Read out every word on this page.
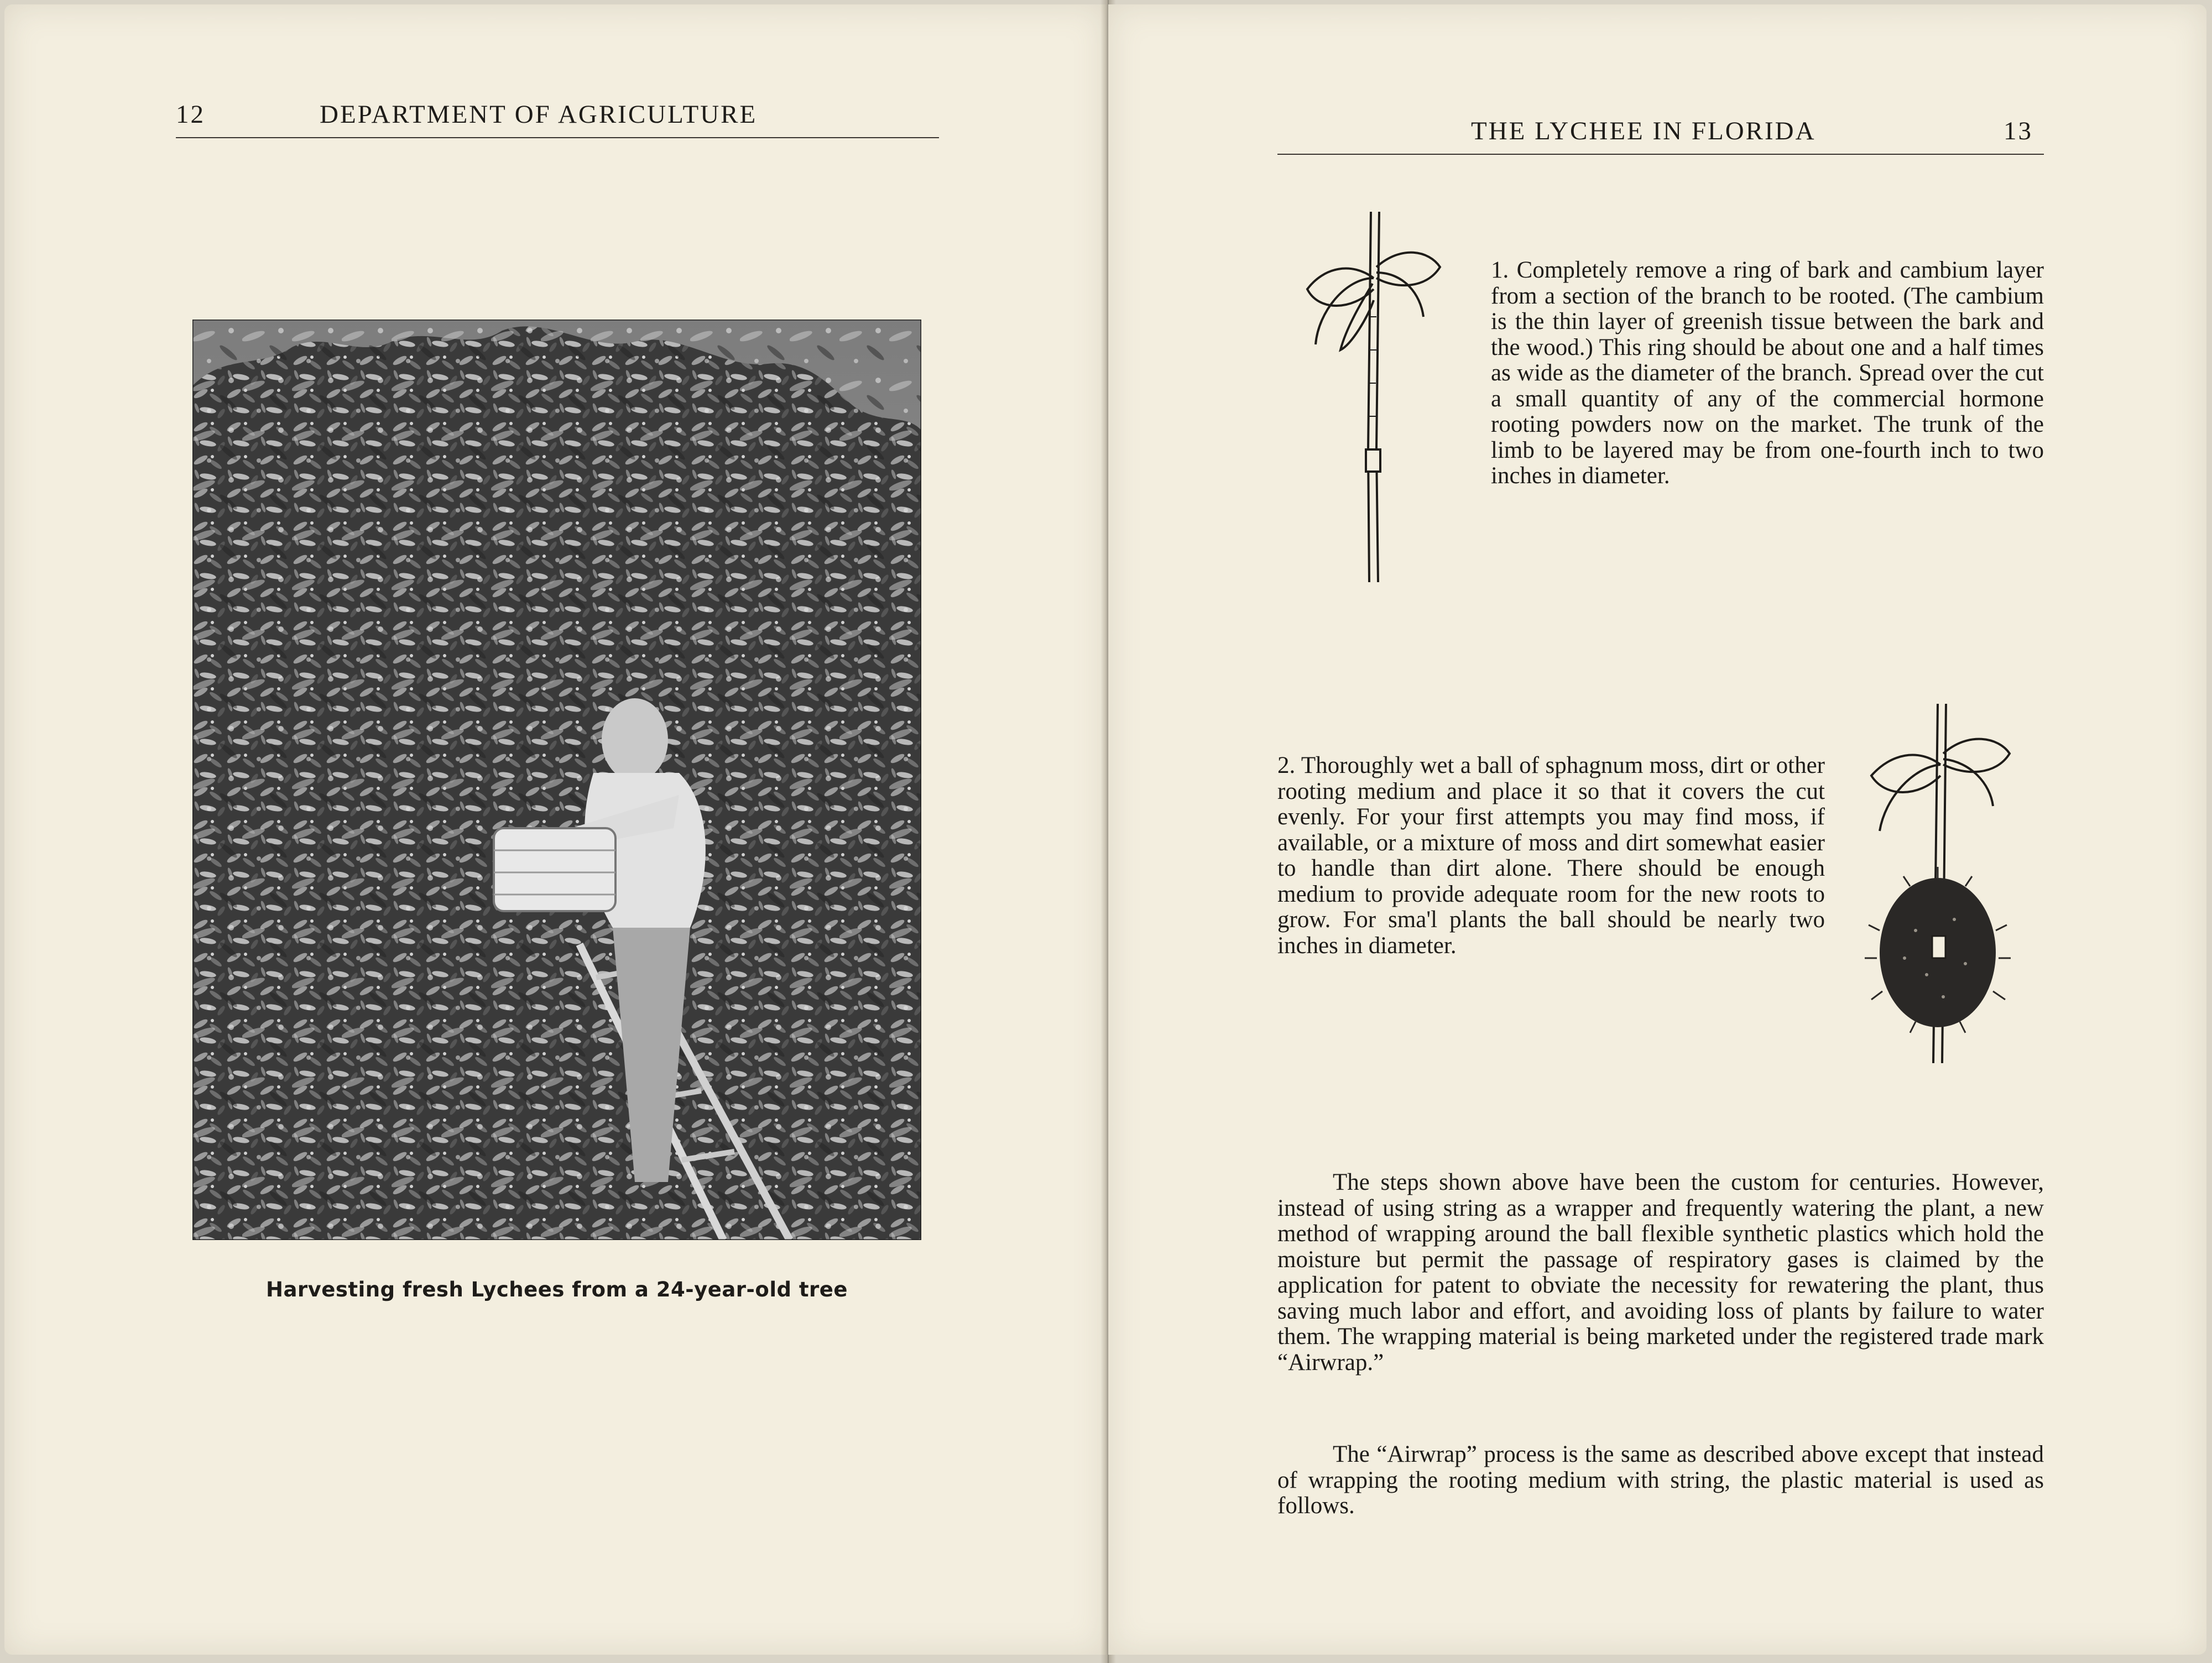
12	DEPARTMENT OF AGRICULTURE
Harvesting fresh Lychees from a 24-year-old tree
THE LYCHEE IN FLORIDA	13

1. Completely remove a ring of bark and cambium layer from a section of the branch to be rooted. (The cambium is the thin layer of greenish tissue between the bark and the wood.) This ring should be about one and a half times as wide as the diameter of the branch. Spread over the cut a small quantity of any of the commercial hormone rooting powders now on the market. The trunk of the limb to be layered may be from one-fourth inch to two inches in diameter.

2. Thoroughly wet a ball of sphagnum moss, dirt or other rooting medium and place it so that it covers the cut evenly. For your first attempts you may find moss, if available, or a mixture of moss and dirt somewhat easier to handle than dirt alone. There should be enough medium to provide adequate room for the new roots to grow. For sma'l plants the ball should be nearly two inches in diameter.

The steps shown above have been the custom for centuries. However, instead of using string as a wrapper and frequently watering the plant, a new method of wrapping around the ball flexible synthetic plastics which hold the moisture but permit the passage of respiratory gases is claimed by the application for patent to obviate the necessity for rewatering the plant, thus saving much labor and effort, and avoiding loss of plants by failure to water them. The wrapping material is being marketed under the registered trade mark “Airwrap.”

The “Airwrap” process is the same as described above except that instead of wrapping the rooting medium with string, the plastic material is used as follows.
